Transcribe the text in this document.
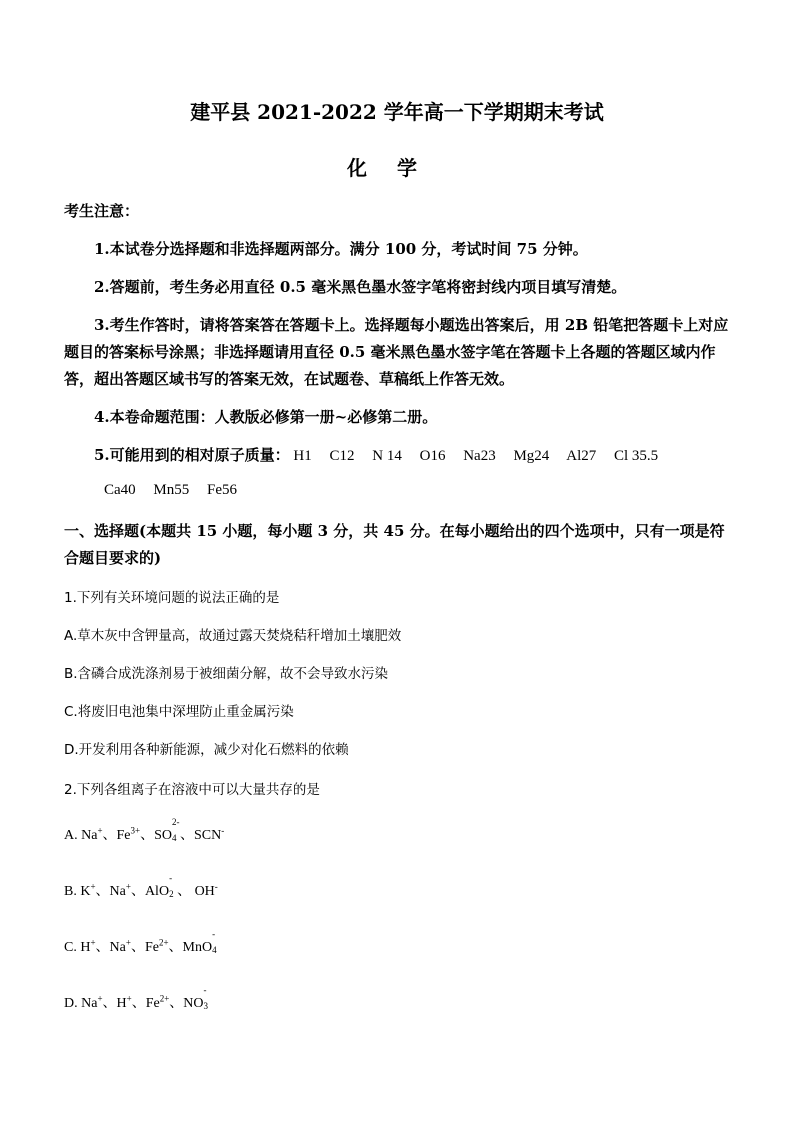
建平县 2021-2022 学年高一下学期期末考试
化学
考生注意：
1.本试卷分选择题和非选择题两部分。满分 100 分，考试时间 75 分钟。
2.答题前，考生务必用直径 0.5 毫米黑色墨水签字笔将密封线内项目填写清楚。
3.考生作答时，请将答案答在答题卡上。选择题每小题选出答案后，用 2B 铅笔把答题卡上对应题目的答案标号涂黑；非选择题请用直径 0.5 毫米黑色墨水签字笔在答题卡上各题的答题区域内作答，超出答题区域书写的答案无效，在试题卷、草稿纸上作答无效。
4.本卷命题范围：人教版必修第一册~必修第二册。
5.可能用到的相对原子质量： H1 C12 N 14 O16 Na23 Mg24 Al27 Cl 35.5
Ca40 Mn55 Fe56
一、选择题(本题共 15 小题，每小题 3 分，共 45 分。在每小题给出的四个选项中，只有一项是符合题目要求的)
1.下列有关环境问题的说法正确的是
A.草木灰中含钾量高，故通过露天焚烧秸秆增加土壤肥效
B.含磷合成洗涤剂易于被细菌分解，故不会导致水污染
C.将废旧电池集中深埋防止重金属污染
D.开发利用各种新能源，减少对化石燃料的依赖
2.下列各组离子在溶液中可以大量共存的是
A. Na+、$Fe^{3+}$、SO
2-
4 、SCN-
B. K+、Na+、AlO
-
2 、 OH-
C. H+、Na+、$Fe^{2+}$、MnO
-
4
D. Na+、H+、$Fe^{2+}$、NO
-
3
